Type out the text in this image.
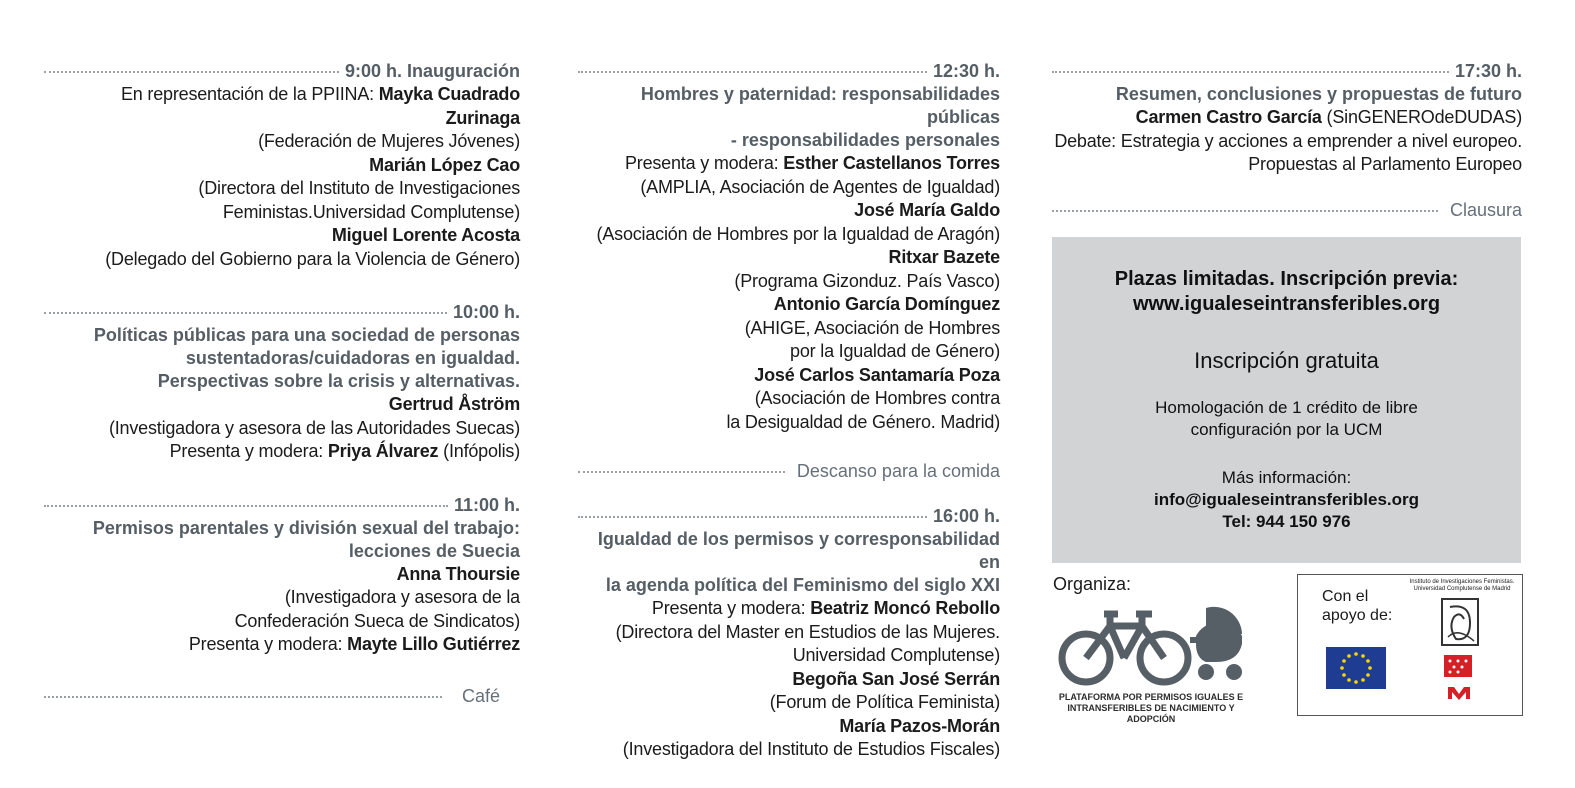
9:00 h. Inauguración
En representación de la PPIINA: Mayka Cuadrado Zurinaga
(Federación de Mujeres Jóvenes)
Marián López Cao
(Directora del Instituto de Investigaciones
Feministas.Universidad Complutense)
Miguel Lorente Acosta
(Delegado del Gobierno para la Violencia de Género)
10:00 h.
Políticas públicas para una sociedad de personas
sustentadoras/cuidadoras en igualdad.
Perspectivas sobre la crisis y alternativas.
Gertrud Åström
(Investigadora y asesora de las Autoridades Suecas)
Presenta y modera: Priya Álvarez (Infópolis)
11:00 h.
Permisos parentales y división sexual del trabajo:
lecciones de Suecia
Anna Thoursie
(Investigadora y asesora de la
Confederación Sueca de Sindicatos)
Presenta y modera: Mayte Lillo Gutiérrez
Café
12:30 h.
Hombres y paternidad: responsabilidades públicas
- responsabilidades personales
Presenta y modera: Esther Castellanos Torres
(AMPLIA, Asociación de Agentes de Igualdad)
José María Galdo
(Asociación de Hombres por la Igualdad de Aragón)
Ritxar Bazete
(Programa Gizonduz. País Vasco)
Antonio García Domínguez
(AHIGE, Asociación de Hombres
por la Igualdad de Género)
José Carlos Santamaría Poza
(Asociación de Hombres contra
la Desigualdad de Género. Madrid)
Descanso para la comida
16:00 h.
Igualdad de los permisos y corresponsabilidad en
la agenda política del Feminismo del siglo XXI
Presenta y modera: Beatriz Moncó Rebollo
(Directora del Master en Estudios de las Mujeres.
Universidad Complutense)
Begoña San José Serrán
(Forum de Política Feminista)
María Pazos-Morán
(Investigadora del Instituto de Estudios Fiscales)
17:30 h.
Resumen, conclusiones y propuestas de futuro
Carmen Castro García (SinGENEROdeDUDAS)
Debate: Estrategia y acciones a emprender a nivel europeo.
Propuestas al Parlamento Europeo
Clausura
Plazas limitadas. Inscripción previa:
www.igualeseintransferibles.org
Inscripción gratuita
Homologación de 1 crédito de libre
configuración por la UCM
Más información:
info@igualeseintransferibles.org
Tel: 944 150 976
Organiza:
PLATAFORMA POR PERMISOS IGUALES E
INTRANSFERIBLES DE NACIMIENTO Y ADOPCIÓN
Con el
apoyo de:
Instituto de Investigaciones Feministas.
Universidad Complutense de Madrid
